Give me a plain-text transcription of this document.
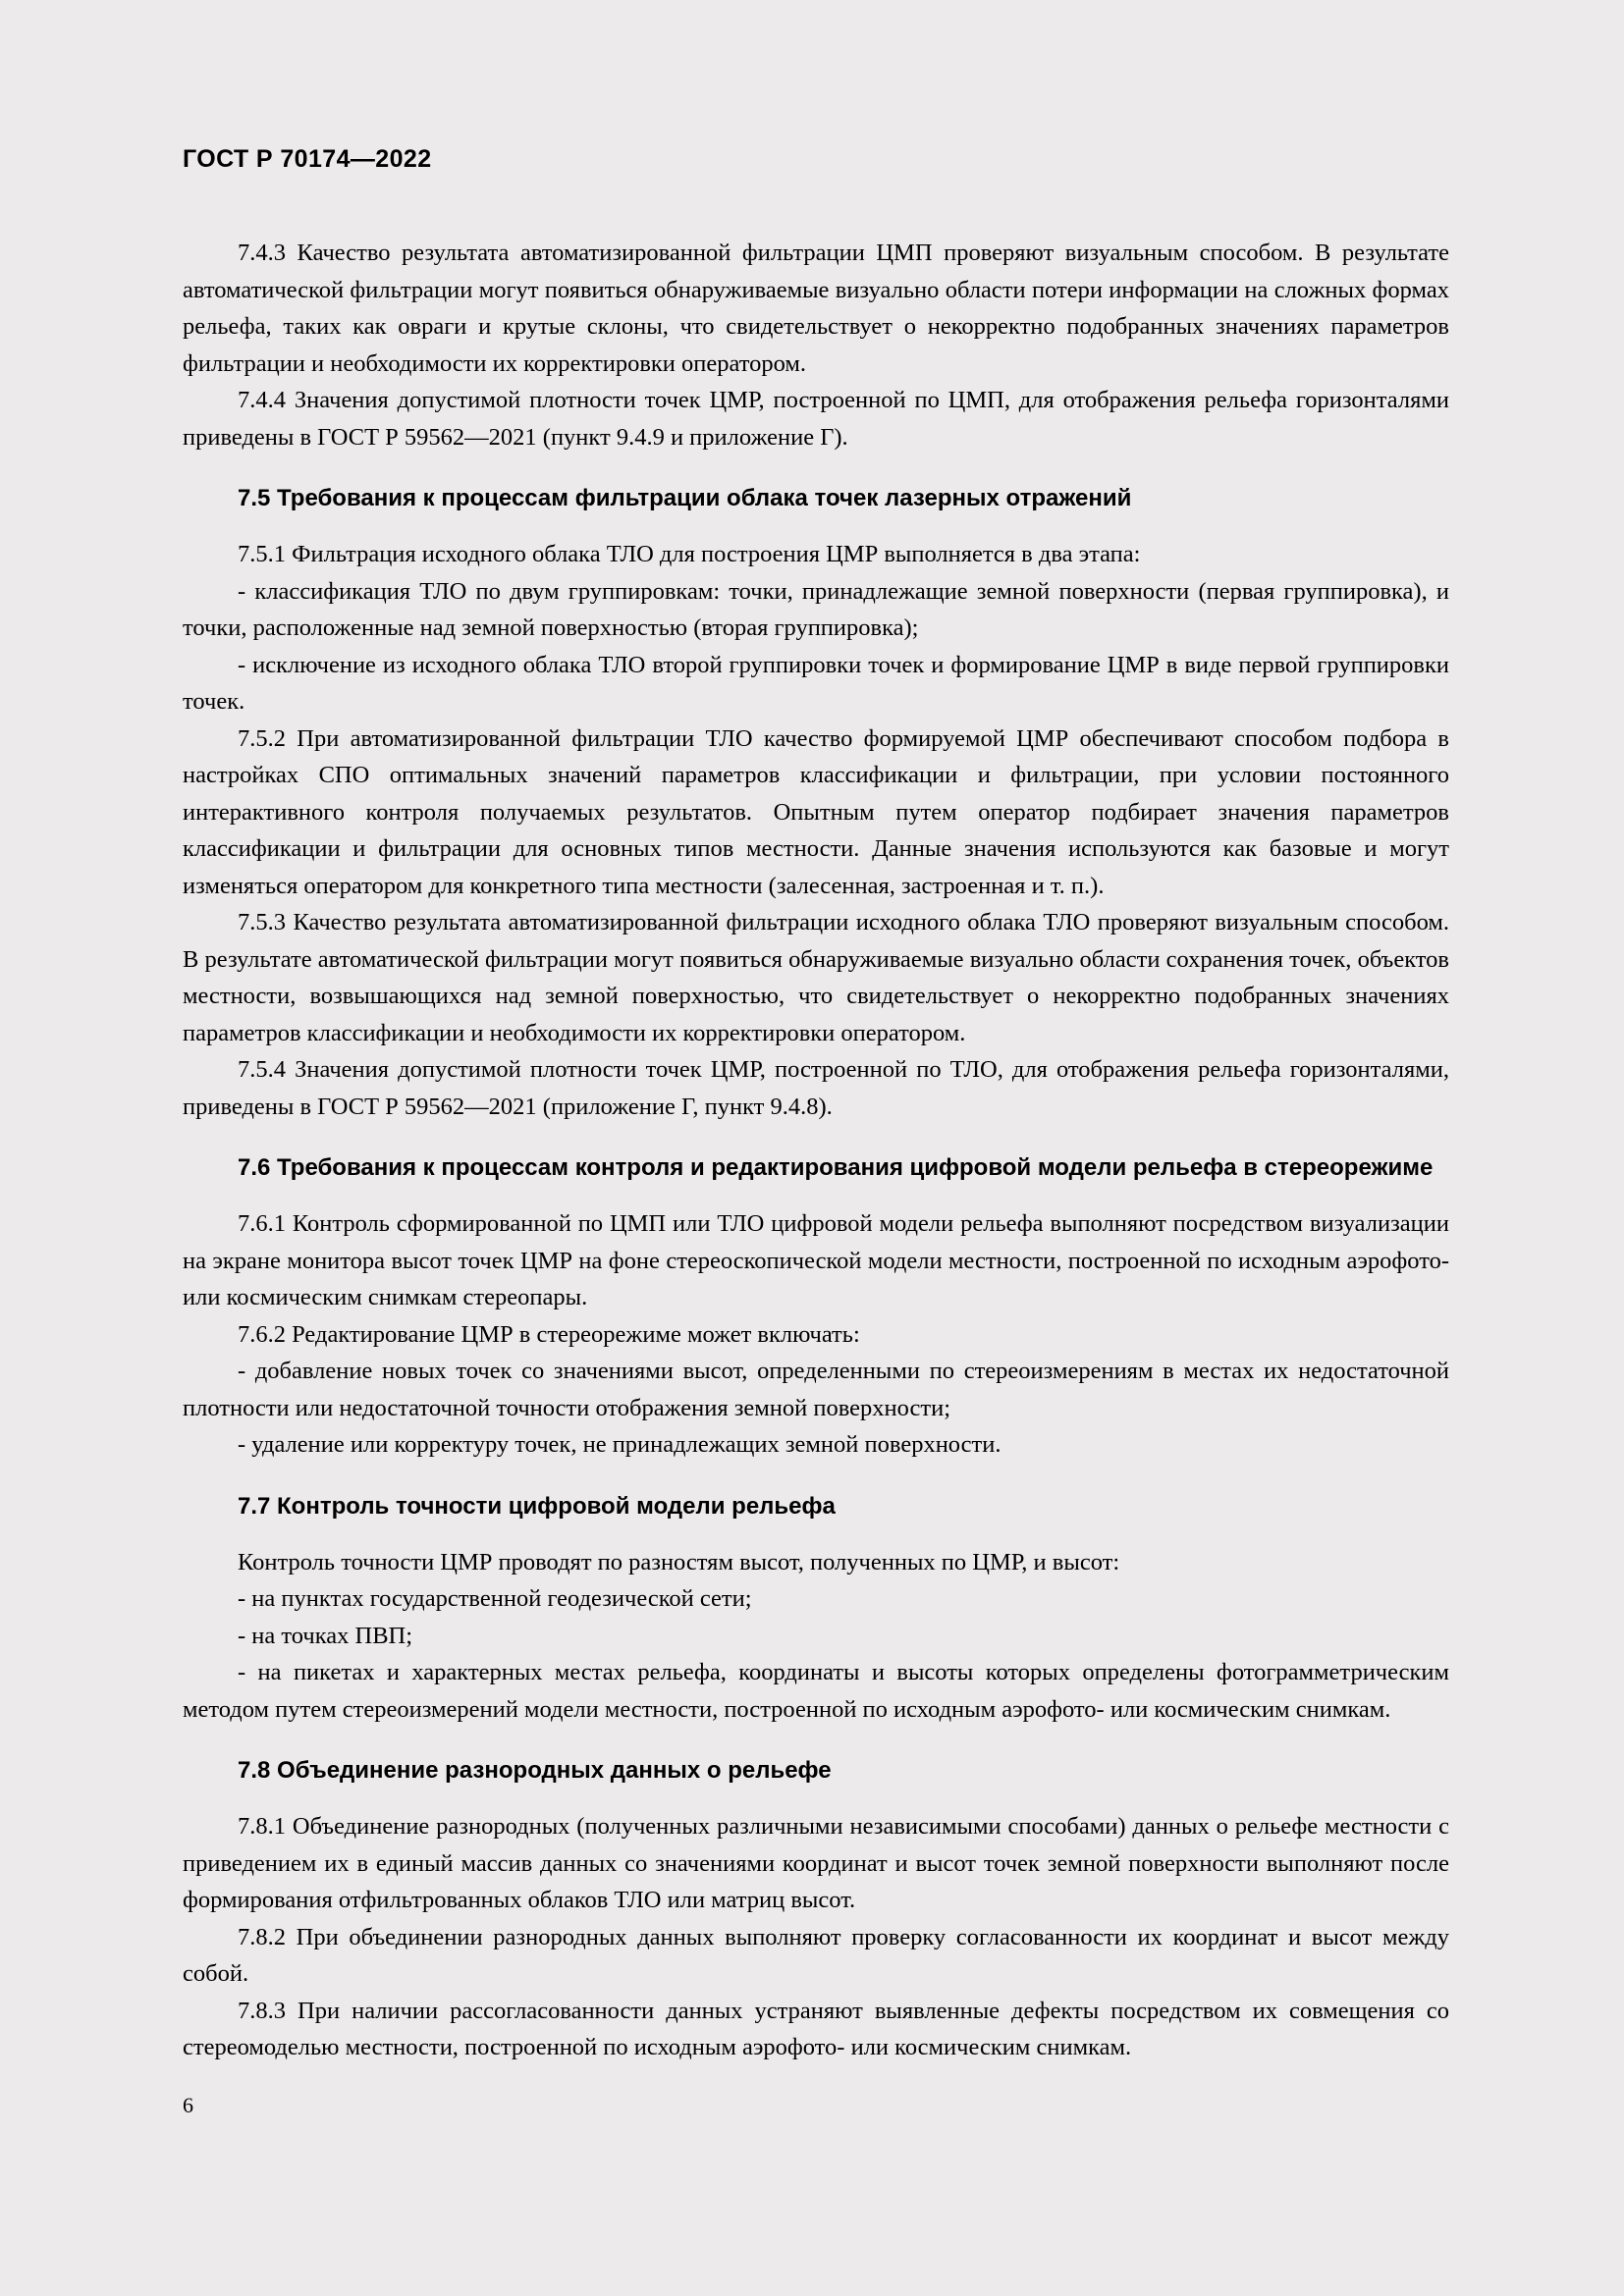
ГОСТ Р 70174—2022

7.4.3 Качество результата автоматизированной фильтрации ЦМП проверяют визуальным способом. В результате автоматической фильтрации могут появиться обнаруживаемые визуально области потери информации на сложных формах рельефа, таких как овраги и крутые склоны, что свидетельствует о некорректно подобранных значениях параметров фильтрации и необходимости их корректировки оператором.

7.4.4 Значения допустимой плотности точек ЦМР, построенной по ЦМП, для отображения рельефа горизонталями приведены в ГОСТ Р 59562—2021 (пункт 9.4.9 и приложение Г).

7.5 Требования к процессам фильтрации облака точек лазерных отражений

7.5.1 Фильтрация исходного облака ТЛО для построения ЦМР выполняется в два этапа:

- классификация ТЛО по двум группировкам: точки, принадлежащие земной поверхности (первая группировка), и точки, расположенные над земной поверхностью (вторая группировка);

- исключение из исходного облака ТЛО второй группировки точек и формирование ЦМР в виде первой группировки точек.

7.5.2 При автоматизированной фильтрации ТЛО качество формируемой ЦМР обеспечивают способом подбора в настройках СПО оптимальных значений параметров классификации и фильтрации, при условии постоянного интерактивного контроля получаемых результатов. Опытным путем оператор подбирает значения параметров классификации и фильтрации для основных типов местности. Данные значения используются как базовые и могут изменяться оператором для конкретного типа местности (залесенная, застроенная и т. п.).

7.5.3 Качество результата автоматизированной фильтрации исходного облака ТЛО проверяют визуальным способом. В результате автоматической фильтрации могут появиться обнаруживаемые визуально области сохранения точек, объектов местности, возвышающихся над земной поверхностью, что свидетельствует о некорректно подобранных значениях параметров классификации и необходимости их корректировки оператором.

7.5.4 Значения допустимой плотности точек ЦМР, построенной по ТЛО, для отображения рельефа горизонталями, приведены в ГОСТ Р 59562—2021 (приложение Г, пункт 9.4.8).

7.6 Требования к процессам контроля и редактирования цифровой модели рельефа в стереорежиме

7.6.1 Контроль сформированной по ЦМП или ТЛО цифровой модели рельефа выполняют посредством визуализации на экране монитора высот точек ЦМР на фоне стереоскопической модели местности, построенной по исходным аэрофото- или космическим снимкам стереопары.

7.6.2 Редактирование ЦМР в стереорежиме может включать:

- добавление новых точек со значениями высот, определенными по стереоизмерениям в местах их недостаточной плотности или недостаточной точности отображения земной поверхности;

- удаление или корректуру точек, не принадлежащих земной поверхности.

7.7 Контроль точности цифровой модели рельефа

Контроль точности ЦМР проводят по разностям высот, полученных по ЦМР, и высот:

- на пунктах государственной геодезической сети;

- на точках ПВП;

- на пикетах и характерных местах рельефа, координаты и высоты которых определены фотограмметрическим методом путем стереоизмерений модели местности, построенной по исходным аэрофото- или космическим снимкам.

7.8 Объединение разнородных данных о рельефе

7.8.1 Объединение разнородных (полученных различными независимыми способами) данных о рельефе местности с приведением их в единый массив данных со значениями координат и высот точек земной поверхности выполняют после формирования отфильтрованных облаков ТЛО или матриц высот.

7.8.2 При объединении разнородных данных выполняют проверку согласованности их координат и высот между собой.

7.8.3 При наличии рассогласованности данных устраняют выявленные дефекты посредством их совмещения со стереомоделью местности, построенной по исходным аэрофото- или космическим снимкам.

6
